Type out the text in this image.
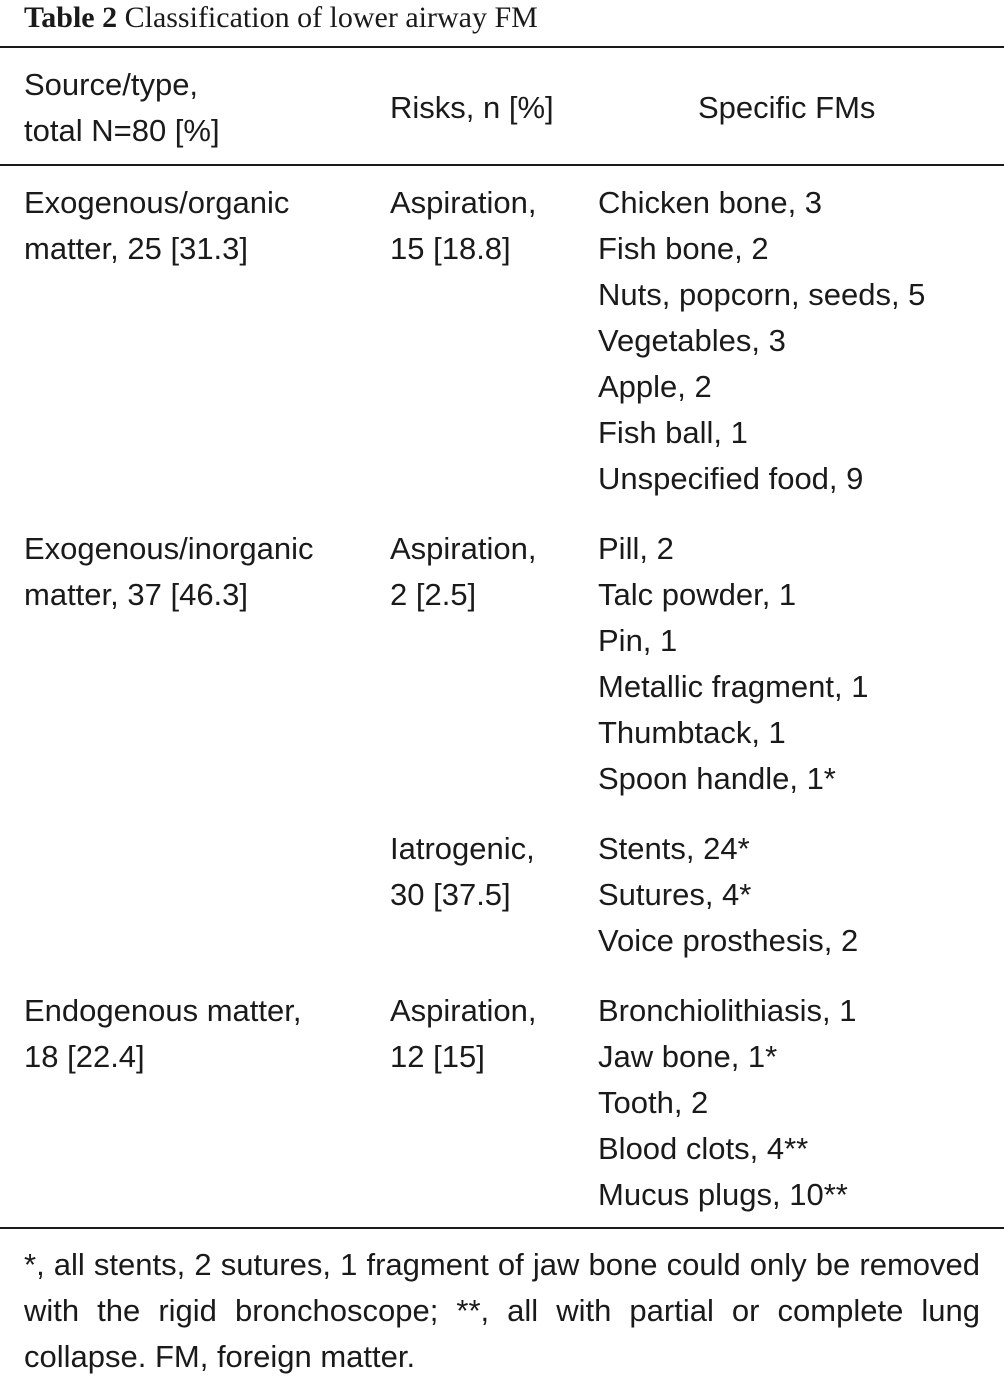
Table 2 Classification of lower airway FM
Source/type,
total N=80 [%]
Risks, n [%]	Specific FMs
Exogenous/organic
matter, 25 [31.3]
Aspiration,
15 [18.8]
Chicken bone, 3
Fish bone, 2
Nuts, popcorn, seeds, 5
Vegetables, 3
Apple, 2
Fish ball, 1
Unspecified food, 9
Exogenous/inorganic
matter, 37 [46.3]
Aspiration,
2 [2.5]
Pill, 2
Talc powder, 1
Pin, 1
Metallic fragment, 1
Thumbtack, 1
Spoon handle, 1*
Iatrogenic,
30 [37.5]
Stents, 24*
Sutures, 4*
Voice prosthesis, 2
Endogenous matter,
18 [22.4]
Aspiration,
12 [15]
Bronchiolithiasis, 1
Jaw bone, 1*
Tooth, 2
Blood clots, 4**
Mucus plugs, 10**
*, all stents, 2 sutures, 1 fragment of jaw bone could only be removed with the rigid bronchoscope; **, all with partial or complete lung collapse. FM, foreign matter.
